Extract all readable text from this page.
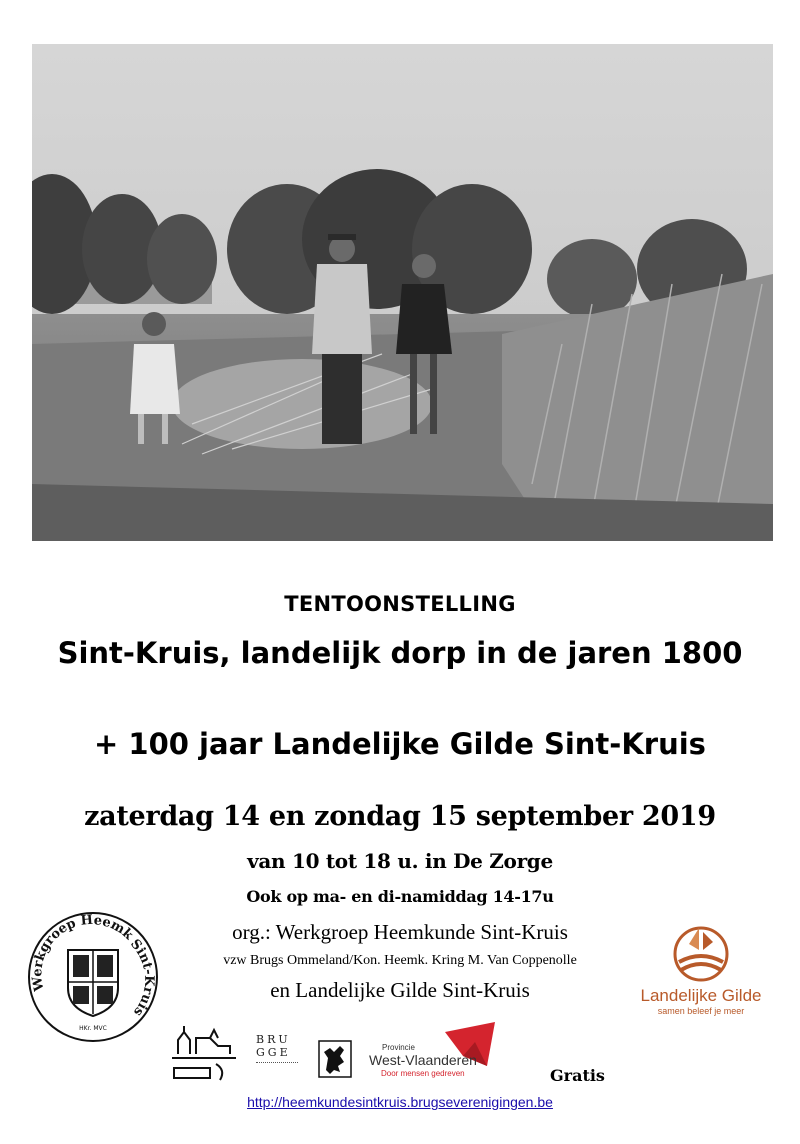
TENTOONSTELLING
Sint-Kruis, landelijk dorp in de jaren 1800
+ 100 jaar Landelijke Gilde Sint-Kruis
zaterdag 14 en zondag 15 september 2019
van 10 tot 18 u. in De Zorge
Ook op ma- en di-namiddag 14-17u
org.: Werkgroep Heemkunde Sint-Kruis
vzw Brugs Ommeland/Kon. Heemk. Kring M. Van Coppenolle
en Landelijke Gilde Sint-Kruis
Werkgroep Heemk
Sint-Kruis
HKr. MVC
Landelijke Gilde
samen beleef je meer
BRU
GGE	Provincie
West-Vlaanderen
Door mensen gedreven	Gratis
http://heemkundesintkruis.brugseverenigingen.be
